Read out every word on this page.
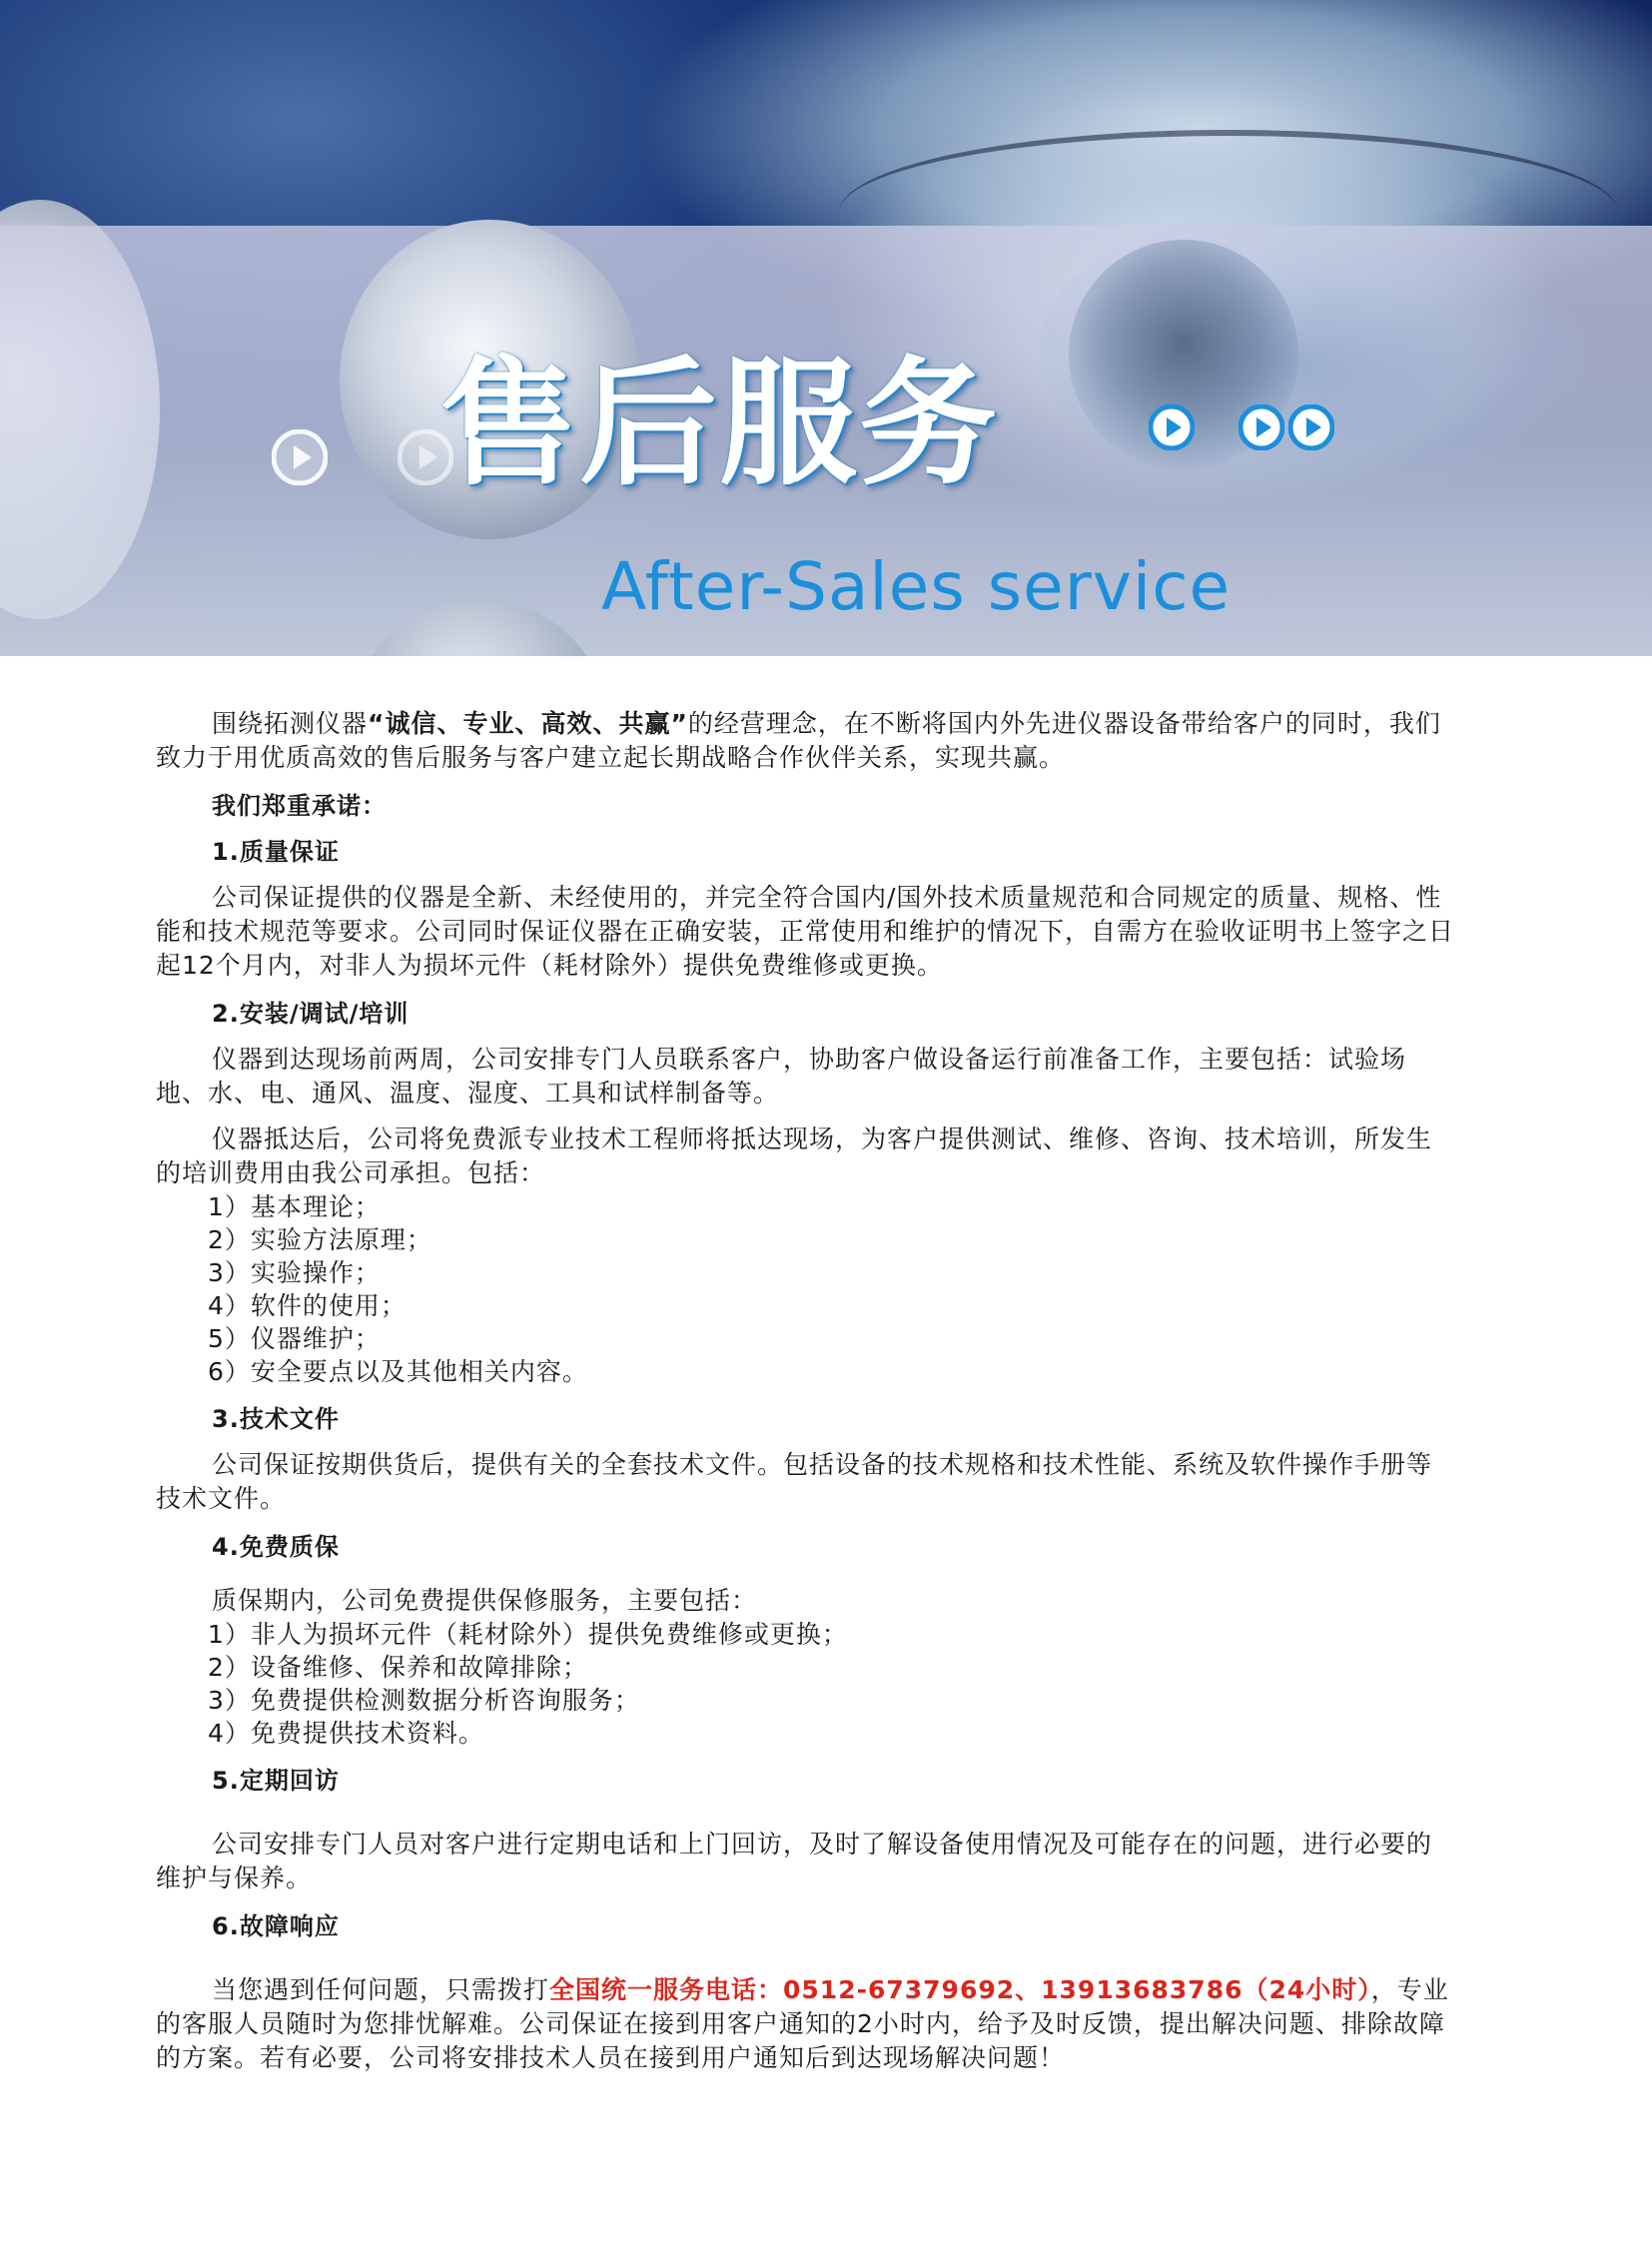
售后服务
After-Sales service

围绕拓测仪器“诚信、专业、高效、共赢”的经营理念，在不断将国内外先进仪器设备带给客户的同时，我们致力于用优质高效的售后服务与客户建立起长期战略合作伙伴关系，实现共赢。

我们郑重承诺：
1.质量保证

公司保证提供的仪器是全新、未经使用的，并完全符合国内/国外技术质量规范和合同规定的质量、规格、性能和技术规范等要求。公司同时保证仪器在正确安装，正常使用和维护的情况下，自需方在验收证明书上签字之日起12个月内，对非人为损坏元件（耗材除外）提供免费维修或更换。

2.安装/调试/培训

仪器到达现场前两周，公司安排专门人员联系客户，协助客户做设备运行前准备工作，主要包括：试验场地、水、电、通风、温度、湿度、工具和试样制备等。

仪器抵达后，公司将免费派专业技术工程师将抵达现场，为客户提供测试、维修、咨询、技术培训，所发生的培训费用由我公司承担。包括：

1）基本理论；
2）实验方法原理；
3）实验操作；
4）软件的使用；
5）仪器维护；
6）安全要点以及其他相关内容。
3.技术文件

公司保证按期供货后，提供有关的全套技术文件。包括设备的技术规格和技术性能、系统及软件操作手册等技术文件。

4.免费质保

质保期内，公司免费提供保修服务，主要包括：

1）非人为损坏元件（耗材除外）提供免费维修或更换；
2）设备维修、保养和故障排除；
3）免费提供检测数据分析咨询服务；
4）免费提供技术资料。
5.定期回访

公司安排专门人员对客户进行定期电话和上门回访，及时了解设备使用情况及可能存在的问题，进行必要的维护与保养。

6.故障响应

当您遇到任何问题，只需拨打全国统一服务电话：0512-67379692、13913683786（24小时），专业的客服人员随时为您排忧解难。公司保证在接到用客户通知的2小时内，给予及时反馈，提出解决问题、排除故障的方案。若有必要，公司将安排技术人员在接到用户通知后到达现场解决问题！
